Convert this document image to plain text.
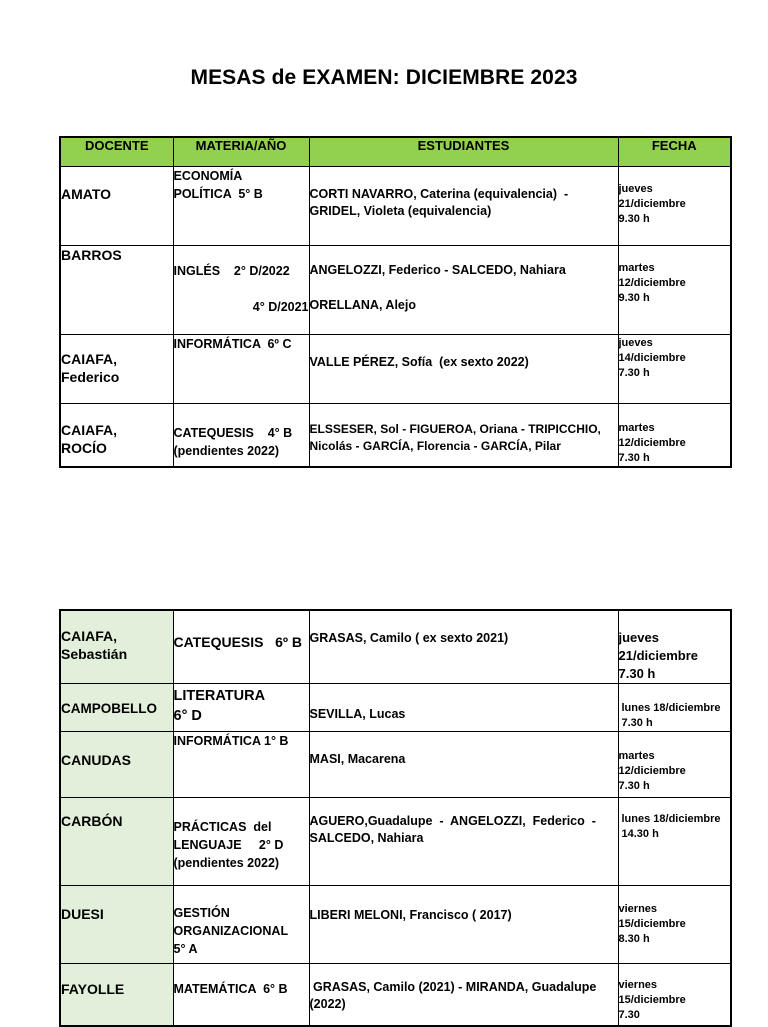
MESAS de EXAMEN: DICIEMBRE 2023
DOCENTE	MATERIA/AÑO	ESTUDIANTES	FECHA

AMATO	ECONOMÍA
POLÍTICA  5° B	CORTI NAVARRO, Caterina (equivalencia)  -
GRIDEL, Violeta (equivalencia)	jueves
21/diciembre
9.30 h

BARROS	INGLÉS    2° D/2022
4° D/2021	ANGELOZZI, Federico - SALCEDO, Nahiara
ORELLANA, Alejo	martes
12/diciembre
9.30 h

CAIAFA,
Federico	INFORMÁTICA  6º C	VALLE PÉREZ, Sofía  (ex sexto 2022)	jueves
14/diciembre
7.30 h

CAIAFA,
ROCÍO	CATEQUESIS    4° B
(pendientes 2022)	ELSSESER, Sol - FIGUEROA, Oriana - TRIPICCHIO,
Nicolás - GARCÍA, Florencia - GARCÍA, Pilar	martes
12/diciembre
7.30 h
CAIAFA,
Sebastián	CATEQUESIS   6º B	GRASAS, Camilo ( ex sexto 2021)	jueves
21/diciembre
7.30 h

CAMPOBELLO	LITERATURA
6° D	SEVILLA, Lucas	lunes 18/diciembre
7.30 h

CANUDAS	INFORMÁTICA 1° B	MASI, Macarena	martes
12/diciembre
7.30 h

CARBÓN	PRÁCTICAS  del
LENGUAJE     2° D
(pendientes 2022)	AGUERO,Guadalupe  -  ANGELOZZI,  Federico  -
SALCEDO, Nahiara	lunes 18/diciembre
14.30 h

DUESI	GESTIÓN
ORGANIZACIONAL
5° A	LIBERI MELONI, Francisco ( 2017)	viernes
15/diciembre
8.30 h

FAYOLLE	MATEMÁTICA  6° B	GRASAS, Camilo (2021) - MIRANDA, Guadalupe
(2022)	viernes
15/diciembre
7.30
